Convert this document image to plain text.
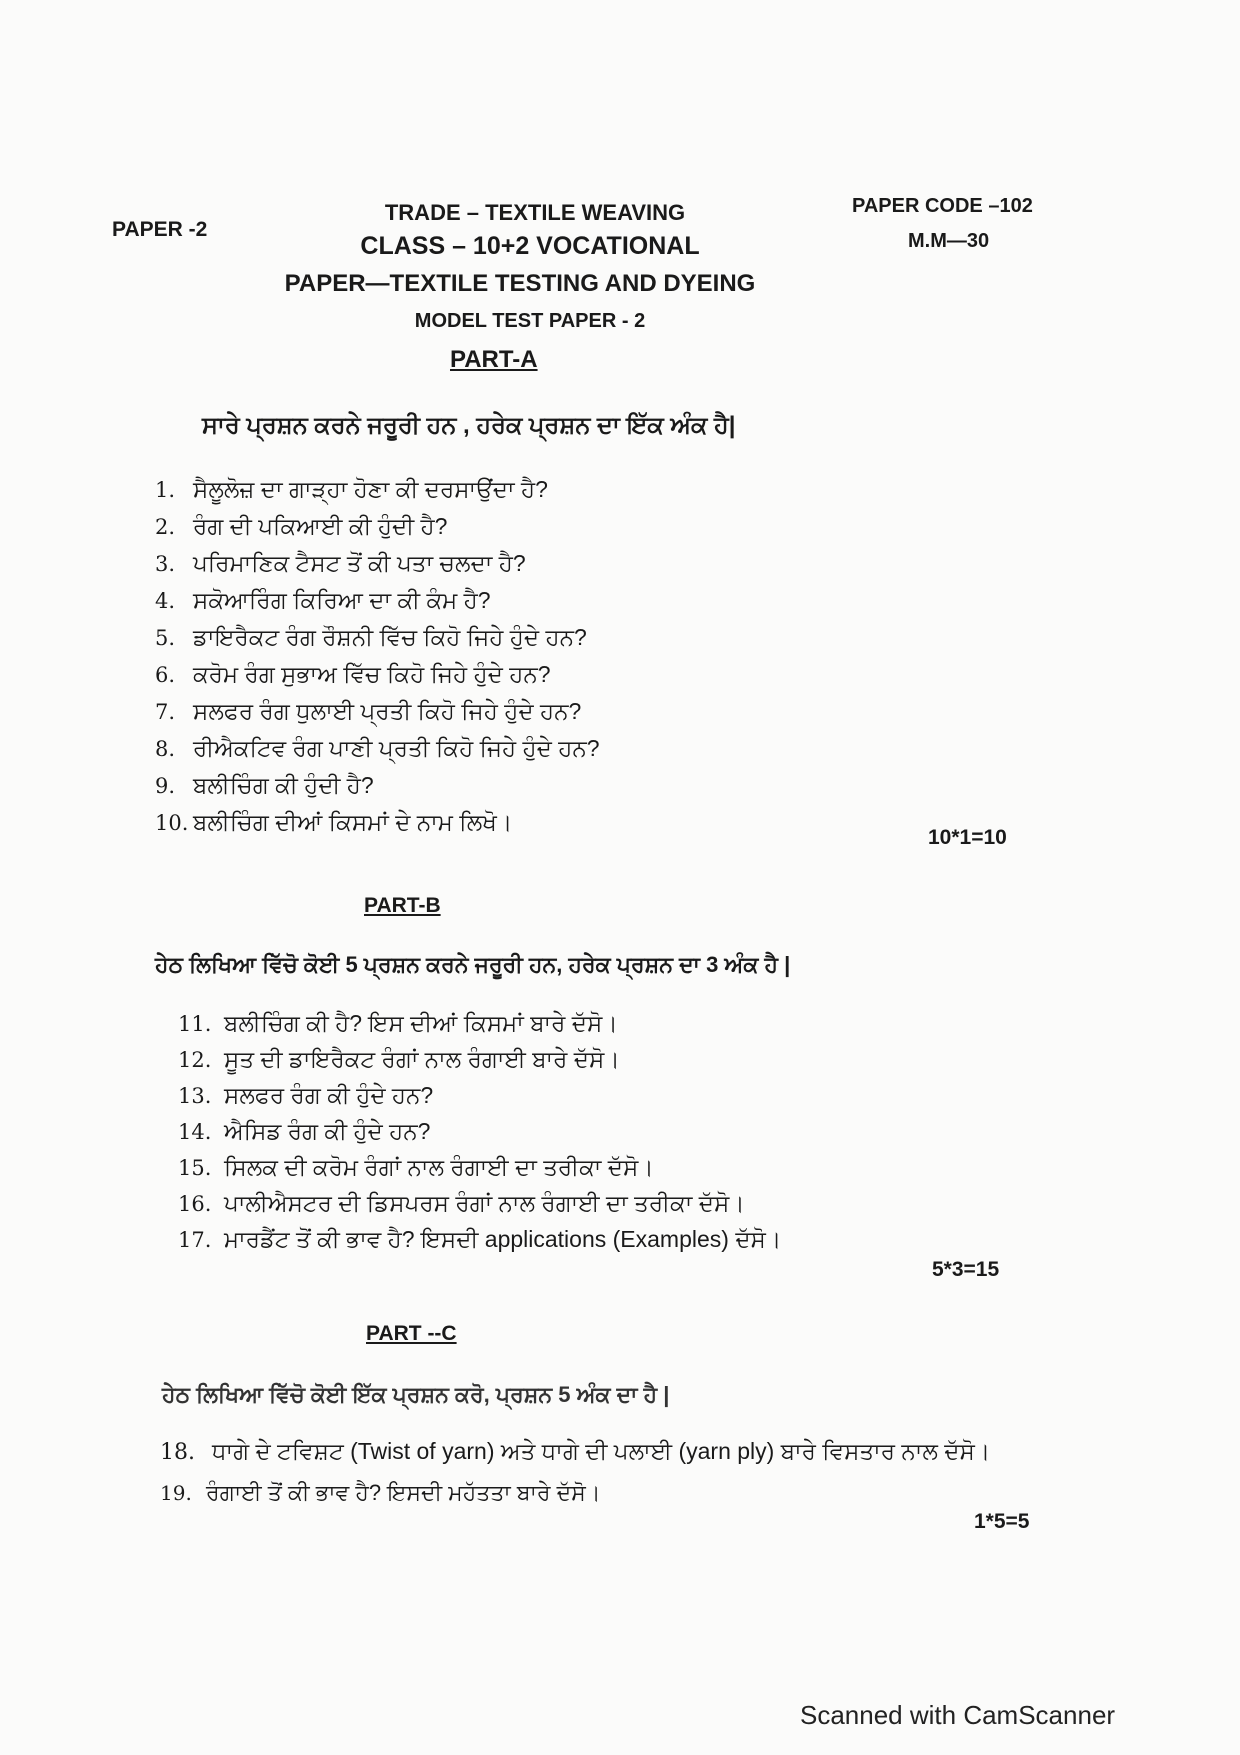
PAPER -2
TRADE – TEXTILE WEAVING
CLASS – 10+2 VOCATIONAL
PAPER—TEXTILE TESTING AND DYEING
MODEL TEST PAPER - 2
PAPER CODE –102
M.M—30
PART-A
ਸਾਰੇ ਪ੍ਰਸ਼ਨ ਕਰਨੇ ਜਰੂਰੀ ਹਨ , ਹਰੇਕ ਪ੍ਰਸ਼ਨ ਦਾ ਇੱਕ ਅੰਕ ਹੈ|
1. ਸੈਲੂਲੋਜ਼ ਦਾ ਗਾੜ੍ਹਾ ਹੋਣਾ ਕੀ ਦਰਸਾਉਂਦਾ ਹੈ?
2. ਰੰਗ ਦੀ ਪਕਿਆਈ ਕੀ ਹੁੰਦੀ ਹੈ?
3. ਪਰਿਮਾਣਿਕ ਟੈਸਟ ਤੋਂ ਕੀ ਪਤਾ ਚਲਦਾ ਹੈ?
4. ਸਕੋਆਰਿੰਗ ਕਿਰਿਆ ਦਾ ਕੀ ਕੰਮ ਹੈ?
5. ਡਾਇਰੈਕਟ ਰੰਗ ਰੌਸ਼ਨੀ ਵਿੱਚ ਕਿਹੋ ਜਿਹੇ ਹੁੰਦੇ ਹਨ?
6. ਕਰੋਮ ਰੰਗ ਸੁਭਾਅ ਵਿੱਚ ਕਿਹੋ ਜਿਹੇ ਹੁੰਦੇ ਹਨ?
7. ਸਲਫਰ ਰੰਗ ਧੁਲਾਈ ਪ੍ਰਤੀ ਕਿਹੋ ਜਿਹੇ ਹੁੰਦੇ ਹਨ?
8. ਰੀਐਕਟਿਵ ਰੰਗ ਪਾਣੀ ਪ੍ਰਤੀ ਕਿਹੋ ਜਿਹੇ ਹੁੰਦੇ ਹਨ?
9. ਬਲੀਚਿੰਗ ਕੀ ਹੁੰਦੀ ਹੈ?
10. ਬਲੀਚਿੰਗ ਦੀਆਂ ਕਿਸਮਾਂ ਦੇ ਨਾਮ ਲਿਖੋ।
10*1=10
PART-B
ਹੇਠ ਲਿਖਿਆ ਵਿੱਚੋ ਕੋਈ 5 ਪ੍ਰਸ਼ਨ ਕਰਨੇ ਜਰੂਰੀ ਹਨ, ਹਰੇਕ ਪ੍ਰਸ਼ਨ ਦਾ 3 ਅੰਕ ਹੈ |
11. ਬਲੀਚਿੰਗ ਕੀ ਹੈ? ਇਸ ਦੀਆਂ ਕਿਸਮਾਂ ਬਾਰੇ ਦੱਸੋ।
12. ਸੂਤ ਦੀ ਡਾਇਰੈਕਟ ਰੰਗਾਂ ਨਾਲ ਰੰਗਾਈ ਬਾਰੇ ਦੱਸੋ।
13. ਸਲਫਰ ਰੰਗ ਕੀ ਹੁੰਦੇ ਹਨ?
14. ਐਸਿਡ ਰੰਗ ਕੀ ਹੁੰਦੇ ਹਨ?
15. ਸਿਲਕ ਦੀ ਕਰੋਮ ਰੰਗਾਂ ਨਾਲ ਰੰਗਾਈ ਦਾ ਤਰੀਕਾ ਦੱਸੋ।
16. ਪਾਲੀਐਸਟਰ ਦੀ ਡਿਸਪਰਸ ਰੰਗਾਂ ਨਾਲ ਰੰਗਾਈ ਦਾ ਤਰੀਕਾ ਦੱਸੋ।
17. ਮਾਰਡੈਂਟ ਤੋਂ ਕੀ ਭਾਵ ਹੈ? ਇਸਦੀ applications (Examples) ਦੱਸੋ।
5*3=15
PART --C
ਹੇਠ ਲਿਖਿਆ ਵਿੱਚੋ ਕੋਈ ਇੱਕ ਪ੍ਰਸ਼ਨ ਕਰੋ, ਪ੍ਰਸ਼ਨ 5 ਅੰਕ ਦਾ ਹੈ |
18. ਧਾਗੇ ਦੇ ਟਵਿਸ਼ਟ (Twist of yarn) ਅਤੇ ਧਾਗੇ ਦੀ ਪਲਾਈ (yarn ply) ਬਾਰੇ ਵਿਸਤਾਰ ਨਾਲ ਦੱਸੋ।
19. ਰੰਗਾਈ ਤੋਂ ਕੀ ਭਾਵ ਹੈ? ਇਸਦੀ ਮਹੱਤਤਾ ਬਾਰੇ ਦੱਸੋ।
1*5=5
Scanned with CamScanner
